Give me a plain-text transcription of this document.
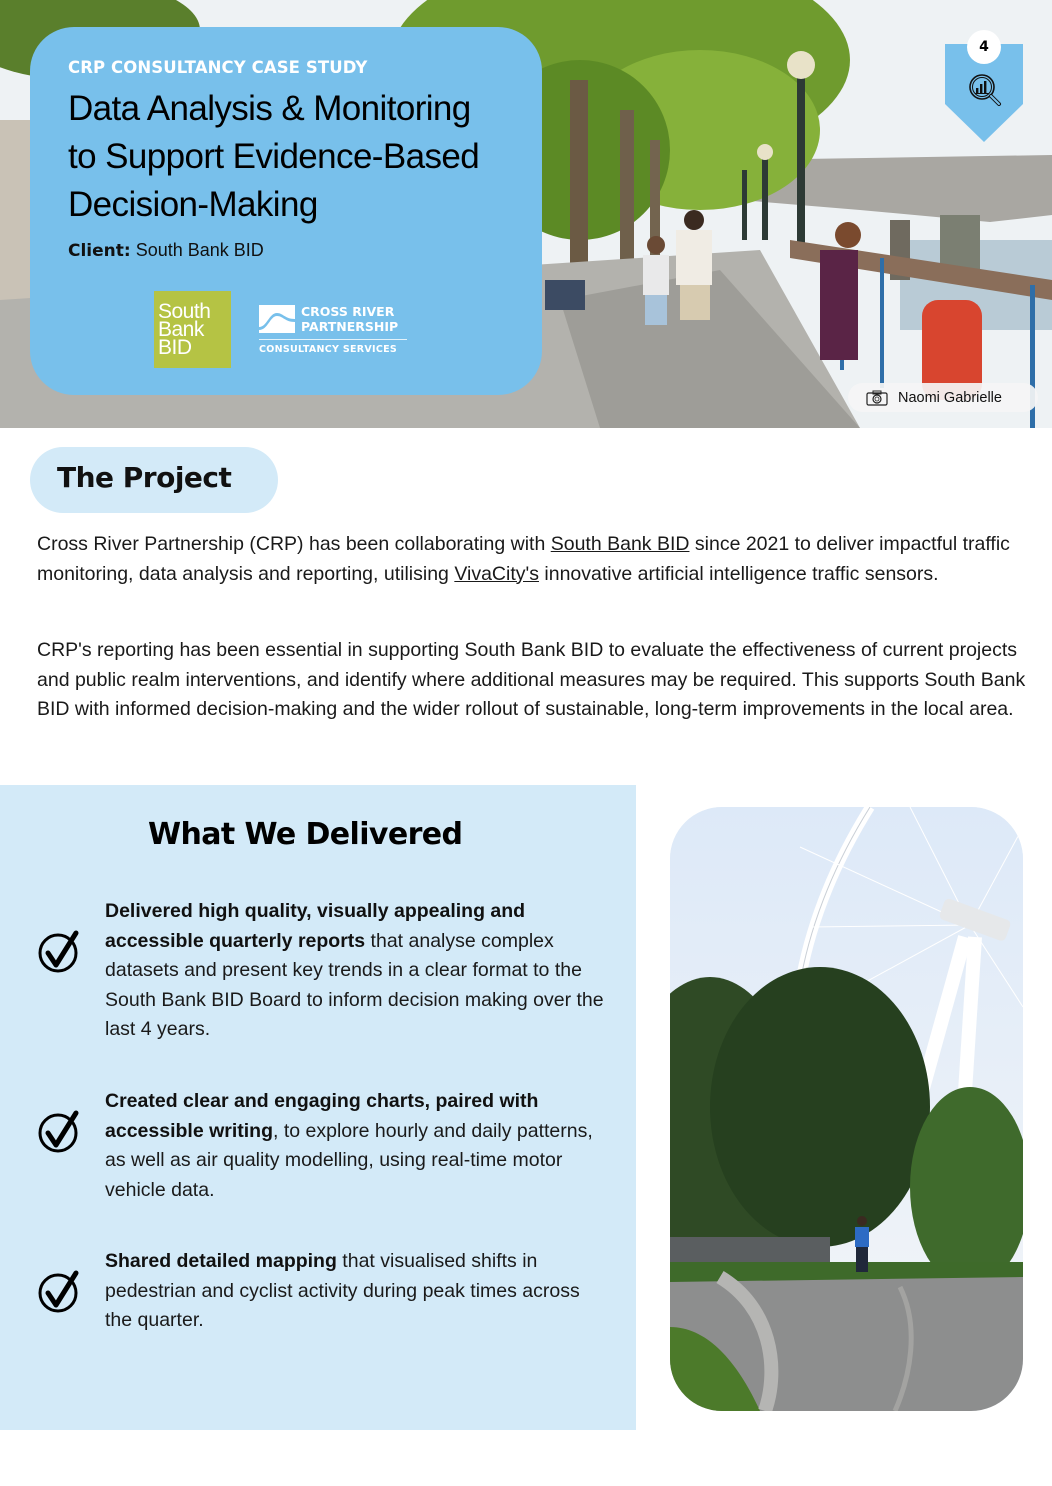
CRP CONSULTANCY CASE STUDY
Data Analysis & Monitoring
to Support Evidence-Based
Decision-Making
Client: South Bank BID
South
Bank
BID
CROSS RIVER
PARTNERSHIP
CONSULTANCY SERVICES
4
Naomi Gabrielle
The Project

Cross River Partnership (CRP) has been collaborating with South Bank BID since 2021 to deliver impactful traffic monitoring, data analysis and reporting, utilising VivaCity's innovative artificial intelligence traffic sensors.

CRP's reporting has been essential in supporting South Bank BID to evaluate the effectiveness of current projects and public realm interventions, and identify where additional measures may be required. This supports South Bank BID with informed decision-making and the wider rollout of sustainable, long-term improvements in the local area.

What We Delivered
Delivered high quality, visually appealing and accessible quarterly reports that analyse complex datasets and present key trends in a clear format to the South Bank BID Board to inform decision making over the last 4 years.
Created clear and engaging charts, paired with accessible writing, to explore hourly and daily patterns, as well as air quality modelling, using real-time motor vehicle data.
Shared detailed mapping that visualised shifts in pedestrian and cyclist activity during peak times across the quarter.
